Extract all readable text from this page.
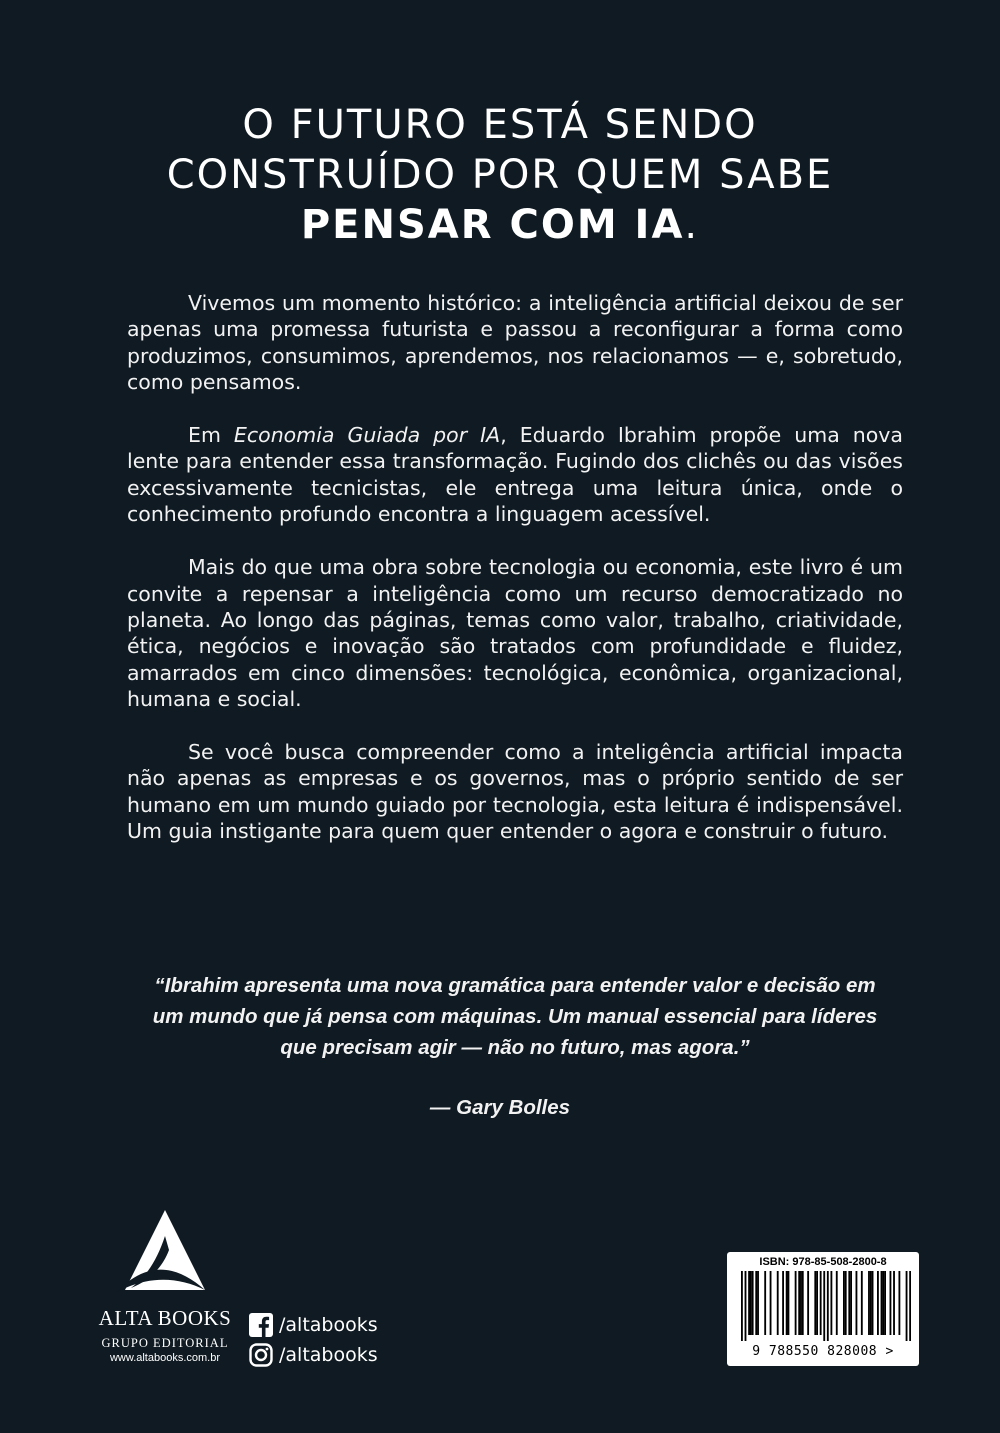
O FUTURO ESTÁ SENDO
CONSTRUÍDO POR QUEM SABE
PENSAR COM IA.

Vivemos um momento histórico: a inteligência artificial deixou de ser apenas uma promessa futurista e passou a reconfigurar a forma como produzimos, consumimos, aprendemos, nos relacionamos — e, sobretudo, como pensamos.

Em Economia Guiada por IA, Eduardo Ibrahim propõe uma nova lente para entender essa transformação. Fugindo dos clichês ou das visões excessivamente tecnicistas, ele entrega uma leitura única, onde o conhecimento profundo encontra a linguagem acessível.

Mais do que uma obra sobre tecnologia ou economia, este livro é um convite a repensar a inteligência como um recurso democratizado no planeta. Ao longo das páginas, temas como valor, trabalho, criatividade, ética, negócios e inovação são tratados com profundidade e fluidez, amarrados em cinco dimensões: tecnológica, econômica, organizacional, humana e social.

Se você busca compreender como a inteligência artificial impacta não apenas as empresas e os governos, mas o próprio sentido de ser humano em um mundo guiado por tecnologia, esta leitura é indispensável. Um guia instigante para quem quer entender o agora e construir o futuro.

“Ibrahim apresenta uma nova gramática para entender valor e decisão em um mundo que já pensa com máquinas. Um manual essencial para líderes que precisam agir — não no futuro, mas agora.”
— Gary Bolles
ALTA BOOKS
GRUPO EDITORIAL
www.altabooks.com.br
/altabooks
/altabooks
ISBN: 978-85-508-2800-8
9 788550 828008 >
